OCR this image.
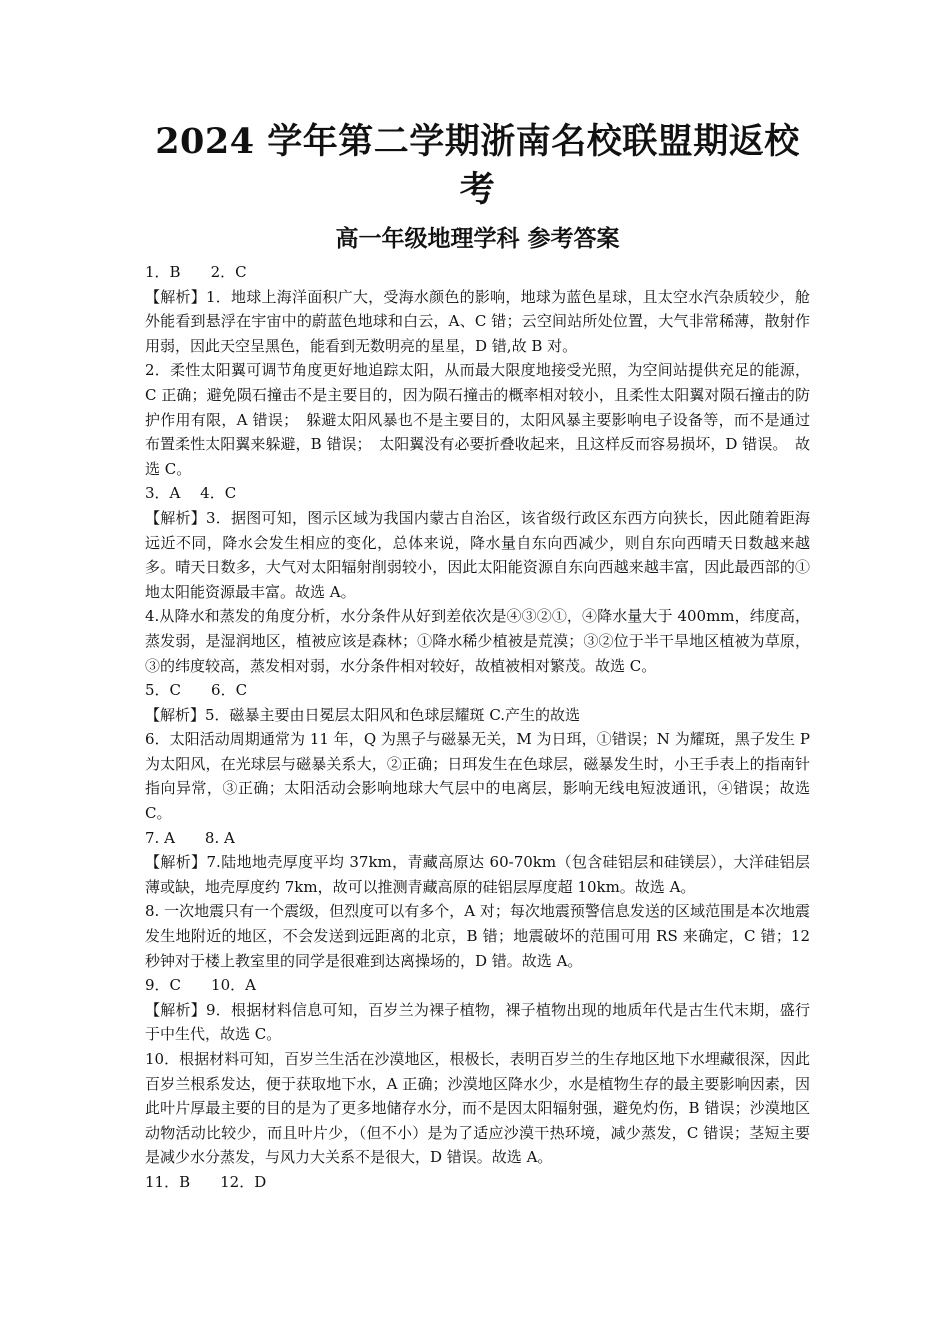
2024 学年第二学期浙南名校联盟期返校考
高一年级地理学科 参考答案

1．B　　2．C

【解析】1．地球上海洋面积广大，受海水颜色的影响，地球为蓝色星球，且太空水汽杂质较少，舱外能看到悬浮在宇宙中的蔚蓝色地球和白云，A、C 错；云空间站所处位置，大气非常稀薄，散射作用弱，因此天空呈黑色，能看到无数明亮的星星，D 错,故 B 对。

2．柔性太阳翼可调节角度更好地追踪太阳，从而最大限度地接受光照，为空间站提供充足的能源，C 正确；避免陨石撞击不是主要目的，因为陨石撞击的概率相对较小，且柔性太阳翼对陨石撞击的防护作用有限，A 错误；　躲避太阳风暴也不是主要目的，太阳风暴主要影响电子设备等，而不是通过布置柔性太阳翼来躲避，B 错误；　太阳翼没有必要折叠收起来，且这样反而容易损坏，D 错误。　故选 C。

3．A　 4．C

【解析】3．据图可知，图示区域为我国内蒙古自治区，该省级行政区东西方向狭长，因此随着距海远近不同，降水会发生相应的变化，总体来说，降水量自东向西减少，则自东向西晴天日数越来越多。晴天日数多，大气对太阳辐射削弱较小，因此太阳能资源自东向西越来越丰富，因此最西部的①地太阳能资源最丰富。故选 A。

4.从降水和蒸发的角度分析，水分条件从好到差依次是④③②①，④降水量大于 400mm，纬度高，蒸发弱，是湿润地区，植被应该是森林；①降水稀少植被是荒漠；③②位于半干旱地区植被为草原，③的纬度较高，蒸发相对弱，水分条件相对较好，故植被相对繁茂。故选 C。

5．C　　6．C

【解析】5．磁暴主要由日冕层太阳风和色球层耀斑 C.产生的故选

6．太阳活动周期通常为 11 年，Q 为黑子与磁暴无关，M 为日珥，①错误；N 为耀斑，黑子发生 P 为太阳风，在光球层与磁暴关系大，②正确；日珥发生在色球层，磁暴发生时，小王手表上的指南针指向异常，③正确；太阳活动会影响地球大气层中的电离层，影响无线电短波通讯，④错误；故选 C。

7. A　　8. A

【解析】7.陆地地壳厚度平均 37km，青藏高原达 60-70km（包含硅铝层和硅镁层），大洋硅铝层薄或缺，地壳厚度约 7km，故可以推测青藏高原的硅铝层厚度超 10km。故选 A。

8. 一次地震只有一个震级，但烈度可以有多个，A 对；每次地震预警信息发送的区域范围是本次地震发生地附近的地区，不会发送到远距离的北京，B 错；地震破坏的范围可用 RS 来确定，C 错；12 秒钟对于楼上教室里的同学是很难到达离操场的，D 错。故选 A。

9．C　　10．A

【解析】9．根据材料信息可知，百岁兰为裸子植物，裸子植物出现的地质年代是古生代末期，盛行于中生代，故选 C。

10．根据材料可知，百岁兰生活在沙漠地区，根极长，表明百岁兰的生存地区地下水埋藏很深，因此百岁兰根系发达，便于获取地下水，A 正确；沙漠地区降水少，水是植物生存的最主要影响因素，因此叶片厚最主要的目的是为了更多地储存水分，而不是因太阳辐射强，避免灼伤，B 错误；沙漠地区动物活动比较少，而且叶片少，（但不小）是为了适应沙漠干热环境，减少蒸发，C 错误；茎短主要是减少水分蒸发，与风力大关系不是很大，D 错误。故选 A。

11．B　　12．D
